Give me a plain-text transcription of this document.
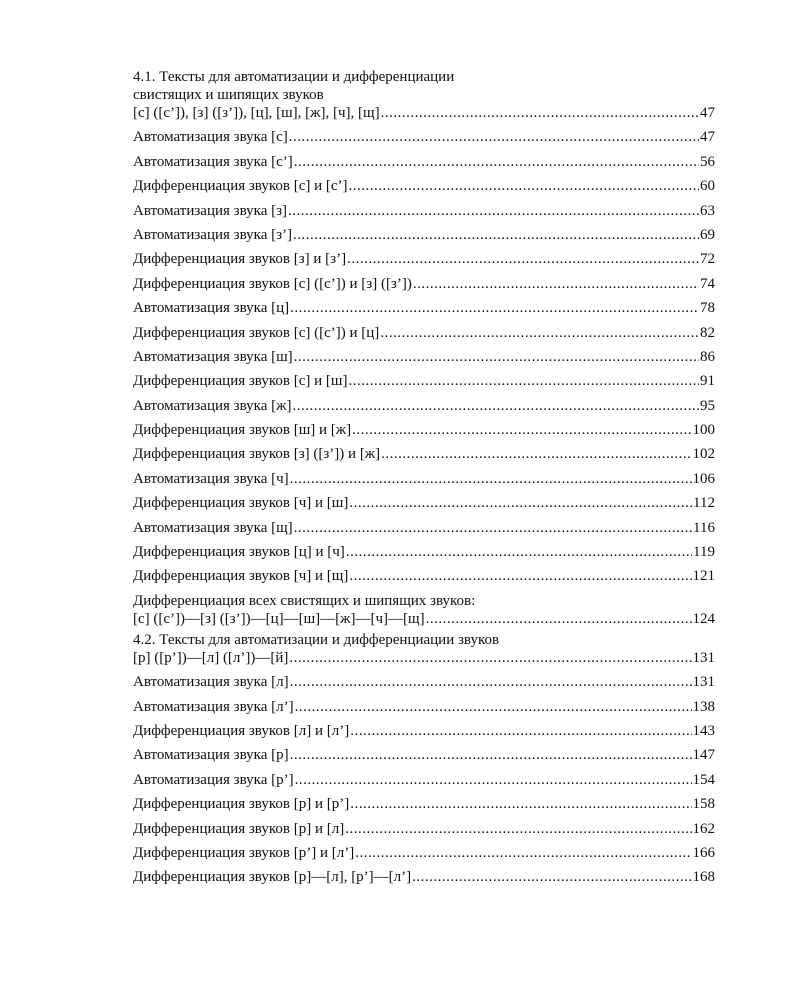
4.1. Тексты для автоматизации и дифференциации
свистящих и шипящих звуков
[с] ([с’]), [з] ([з’]), [ц], [ш], [ж], [ч], [щ] .....	47
Автоматизация звука [с] .....	47
Автоматизация звука [с’] .....	56
Дифференциация звуков [с] и [с’] .....	60
Автоматизация звука [з] .....	63
Автоматизация звука [з’] .....	69
Дифференциация звуков [з] и [з’] .....	72
Дифференциация звуков [с] ([с’]) и [з] ([з’]) .....	74
Автоматизация звука [ц] .....	78
Дифференциация звуков [с] ([с’]) и [ц] .....	82
Автоматизация звука [ш] .....	86
Дифференциация звуков [с] и [ш] .....	91
Автоматизация звука [ж] .....	95
Дифференциация звуков [ш] и [ж] .....	100
Дифференциация звуков [з] ([з’]) и [ж] .....	102
Автоматизация звука [ч] .....	106
Дифференциация звуков [ч] и [ш] .....	112
Автоматизация звука [щ] .....	116
Дифференциация звуков [ц] и [ч] .....	119
Дифференциация звуков [ч] и [щ] .....	121
Дифференциация всех свистящих и шипящих звуков:
[с] ([с’])—[з] ([з’])—[ц]—[ш]—[ж]—[ч]—[щ] .....	124
4.2. Тексты для автоматизации и дифференциации звуков
[р] ([р’])—[л] ([л’])—[й] .....	131
Автоматизация звука [л] .....	131
Автоматизация звука [л’] .....	138
Дифференциация звуков [л] и [л’] .....	143
Автоматизация звука [р] .....	147
Автоматизация звука [р’] .....	154
Дифференциация звуков [р] и [р’] .....	158
Дифференциация звуков [р] и [л] .....	162
Дифференциация звуков [р’] и [л’] .....	166
Дифференциация звуков [р]—[л], [р’]—[л’] .....	168
